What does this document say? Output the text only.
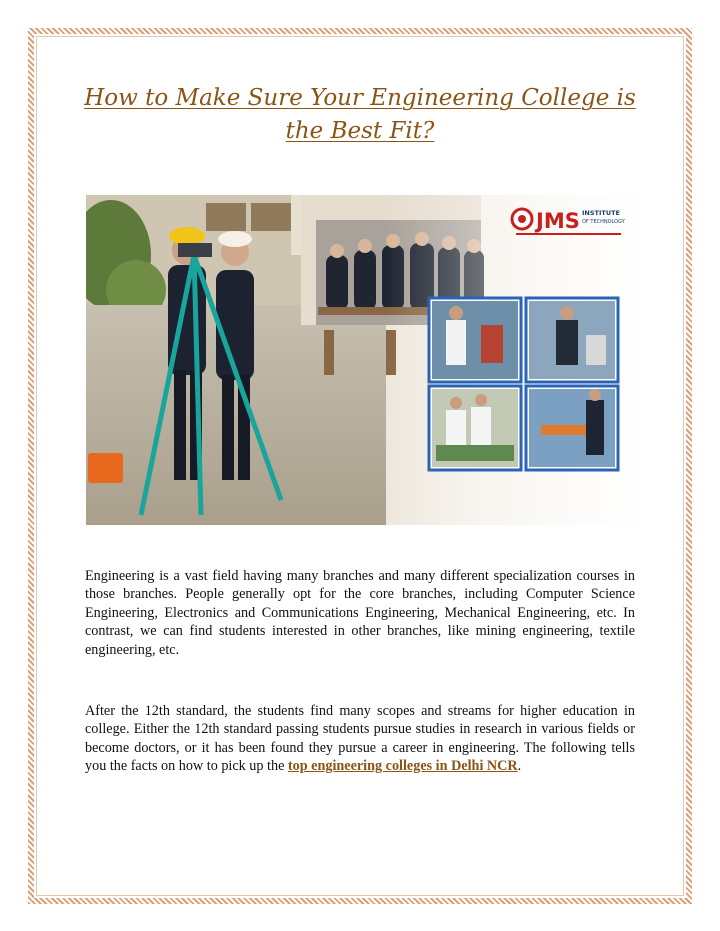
How to Make Sure Your Engineering College is the Best Fit?
JMS INSTITUTE
OF TECHNOLOGY

Engineering is a vast field having many branches and many different specialization courses in those branches. People generally opt for the core branches, including Computer Science Engineering, Electronics and Communications Engineering, Mechanical Engineering, etc. In contrast, we can find students interested in other branches, like mining engineering, textile engineering, etc.

After the 12th standard, the students find many scopes and streams for higher education in college. Either the 12th standard passing students pursue studies in research in various fields or become doctors, or it has been found they pursue a career in engineering. The following tells you the facts on how to pick up the top engineering colleges in Delhi NCR.
